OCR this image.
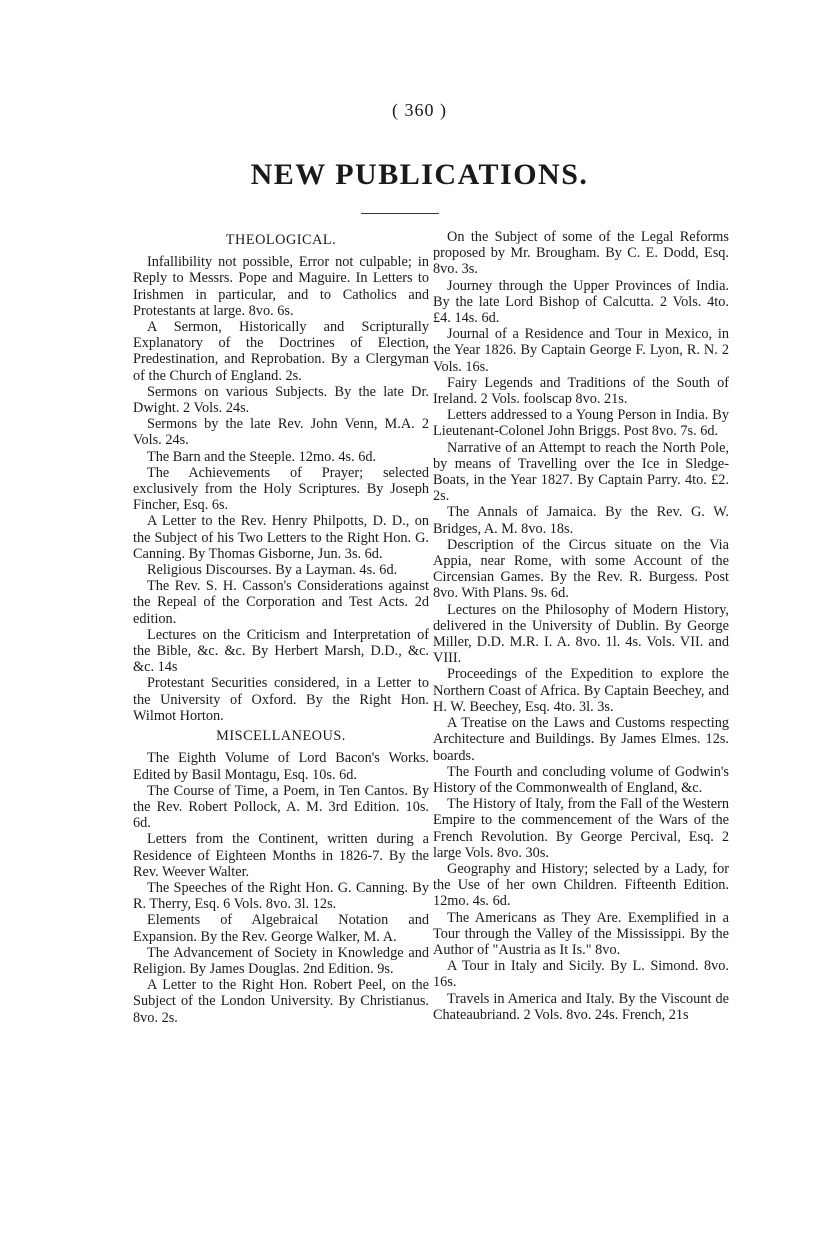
( 360 )
NEW PUBLICATIONS.
THEOLOGICAL.

Infallibility not possible, Error not culpable; in Reply to Messrs. Pope and Maguire. In Letters to Irishmen in particular, and to Catholics and Protestants at large. 8vo. 6s.

A Sermon, Historically and Scripturally Explanatory of the Doctrines of Election, Predestination, and Reprobation. By a Clergyman of the Church of England. 2s.

Sermons on various Subjects. By the late Dr. Dwight. 2 Vols. 24s.

Sermons by the late Rev. John Venn, M.A. 2 Vols. 24s.

The Barn and the Steeple. 12mo. 4s. 6d.

The Achievements of Prayer; selected exclusively from the Holy Scriptures. By Joseph Fincher, Esq. 6s.

A Letter to the Rev. Henry Philpotts, D. D., on the Subject of his Two Letters to the Right Hon. G. Canning. By Thomas Gisborne, Jun. 3s. 6d.

Religious Discourses. By a Layman. 4s. 6d.

The Rev. S. H. Casson's Considerations against the Repeal of the Corporation and Test Acts. 2d edition.

Lectures on the Criticism and Interpretation of the Bible, &c. &c. By Herbert Marsh, D.D., &c. &c. 14s

Protestant Securities considered, in a Letter to the University of Oxford. By the Right Hon. Wilmot Horton.

MISCELLANEOUS.

The Eighth Volume of Lord Bacon's Works. Edited by Basil Montagu, Esq. 10s. 6d.

The Course of Time, a Poem, in Ten Cantos. By the Rev. Robert Pollock, A. M. 3rd Edition. 10s. 6d.

Letters from the Continent, written during a Residence of Eighteen Months in 1826-7. By the Rev. Weever Walter.

The Speeches of the Right Hon. G. Canning. By R. Therry, Esq. 6 Vols. 8vo. 3l. 12s.

Elements of Algebraical Notation and Expansion. By the Rev. George Walker, M. A.

The Advancement of Society in Knowledge and Religion. By James Douglas. 2nd Edition. 9s.

A Letter to the Right Hon. Robert Peel, on the Subject of the London University. By Christianus. 8vo. 2s.

On the Subject of some of the Legal Reforms proposed by Mr. Brougham. By C. E. Dodd, Esq. 8vo. 3s.

Journey through the Upper Provinces of India. By the late Lord Bishop of Calcutta. 2 Vols. 4to. £4. 14s. 6d.

Journal of a Residence and Tour in Mexico, in the Year 1826. By Captain George F. Lyon, R. N. 2 Vols. 16s.

Fairy Legends and Traditions of the South of Ireland. 2 Vols. foolscap 8vo. 21s.

Letters addressed to a Young Person in India. By Lieutenant-Colonel John Briggs. Post 8vo. 7s. 6d.

Narrative of an Attempt to reach the North Pole, by means of Travelling over the Ice in Sledge-Boats, in the Year 1827. By Captain Parry. 4to. £2. 2s.

The Annals of Jamaica. By the Rev. G. W. Bridges, A. M. 8vo. 18s.

Description of the Circus situate on the Via Appia, near Rome, with some Account of the Circensian Games. By the Rev. R. Burgess. Post 8vo. With Plans. 9s. 6d.

Lectures on the Philosophy of Modern History, delivered in the University of Dublin. By George Miller, D.D. M.R. I. A. 8vo. 1l. 4s. Vols. VII. and VIII.

Proceedings of the Expedition to explore the Northern Coast of Africa. By Captain Beechey, and H. W. Beechey, Esq. 4to. 3l. 3s.

A Treatise on the Laws and Customs respecting Architecture and Buildings. By James Elmes. 12s. boards.

The Fourth and concluding volume of Godwin's History of the Commonwealth of England, &c.

The History of Italy, from the Fall of the Western Empire to the commencement of the Wars of the French Revolution. By George Percival, Esq. 2 large Vols. 8vo. 30s.

Geography and History; selected by a Lady, for the Use of her own Children. Fifteenth Edition. 12mo. 4s. 6d.

The Americans as They Are. Exemplified in a Tour through the Valley of the Mississippi. By the Author of "Austria as It Is." 8vo.

A Tour in Italy and Sicily. By L. Simond. 8vo. 16s.

Travels in America and Italy. By the Viscount de Chateaubriand. 2 Vols. 8vo. 24s. French, 21s
